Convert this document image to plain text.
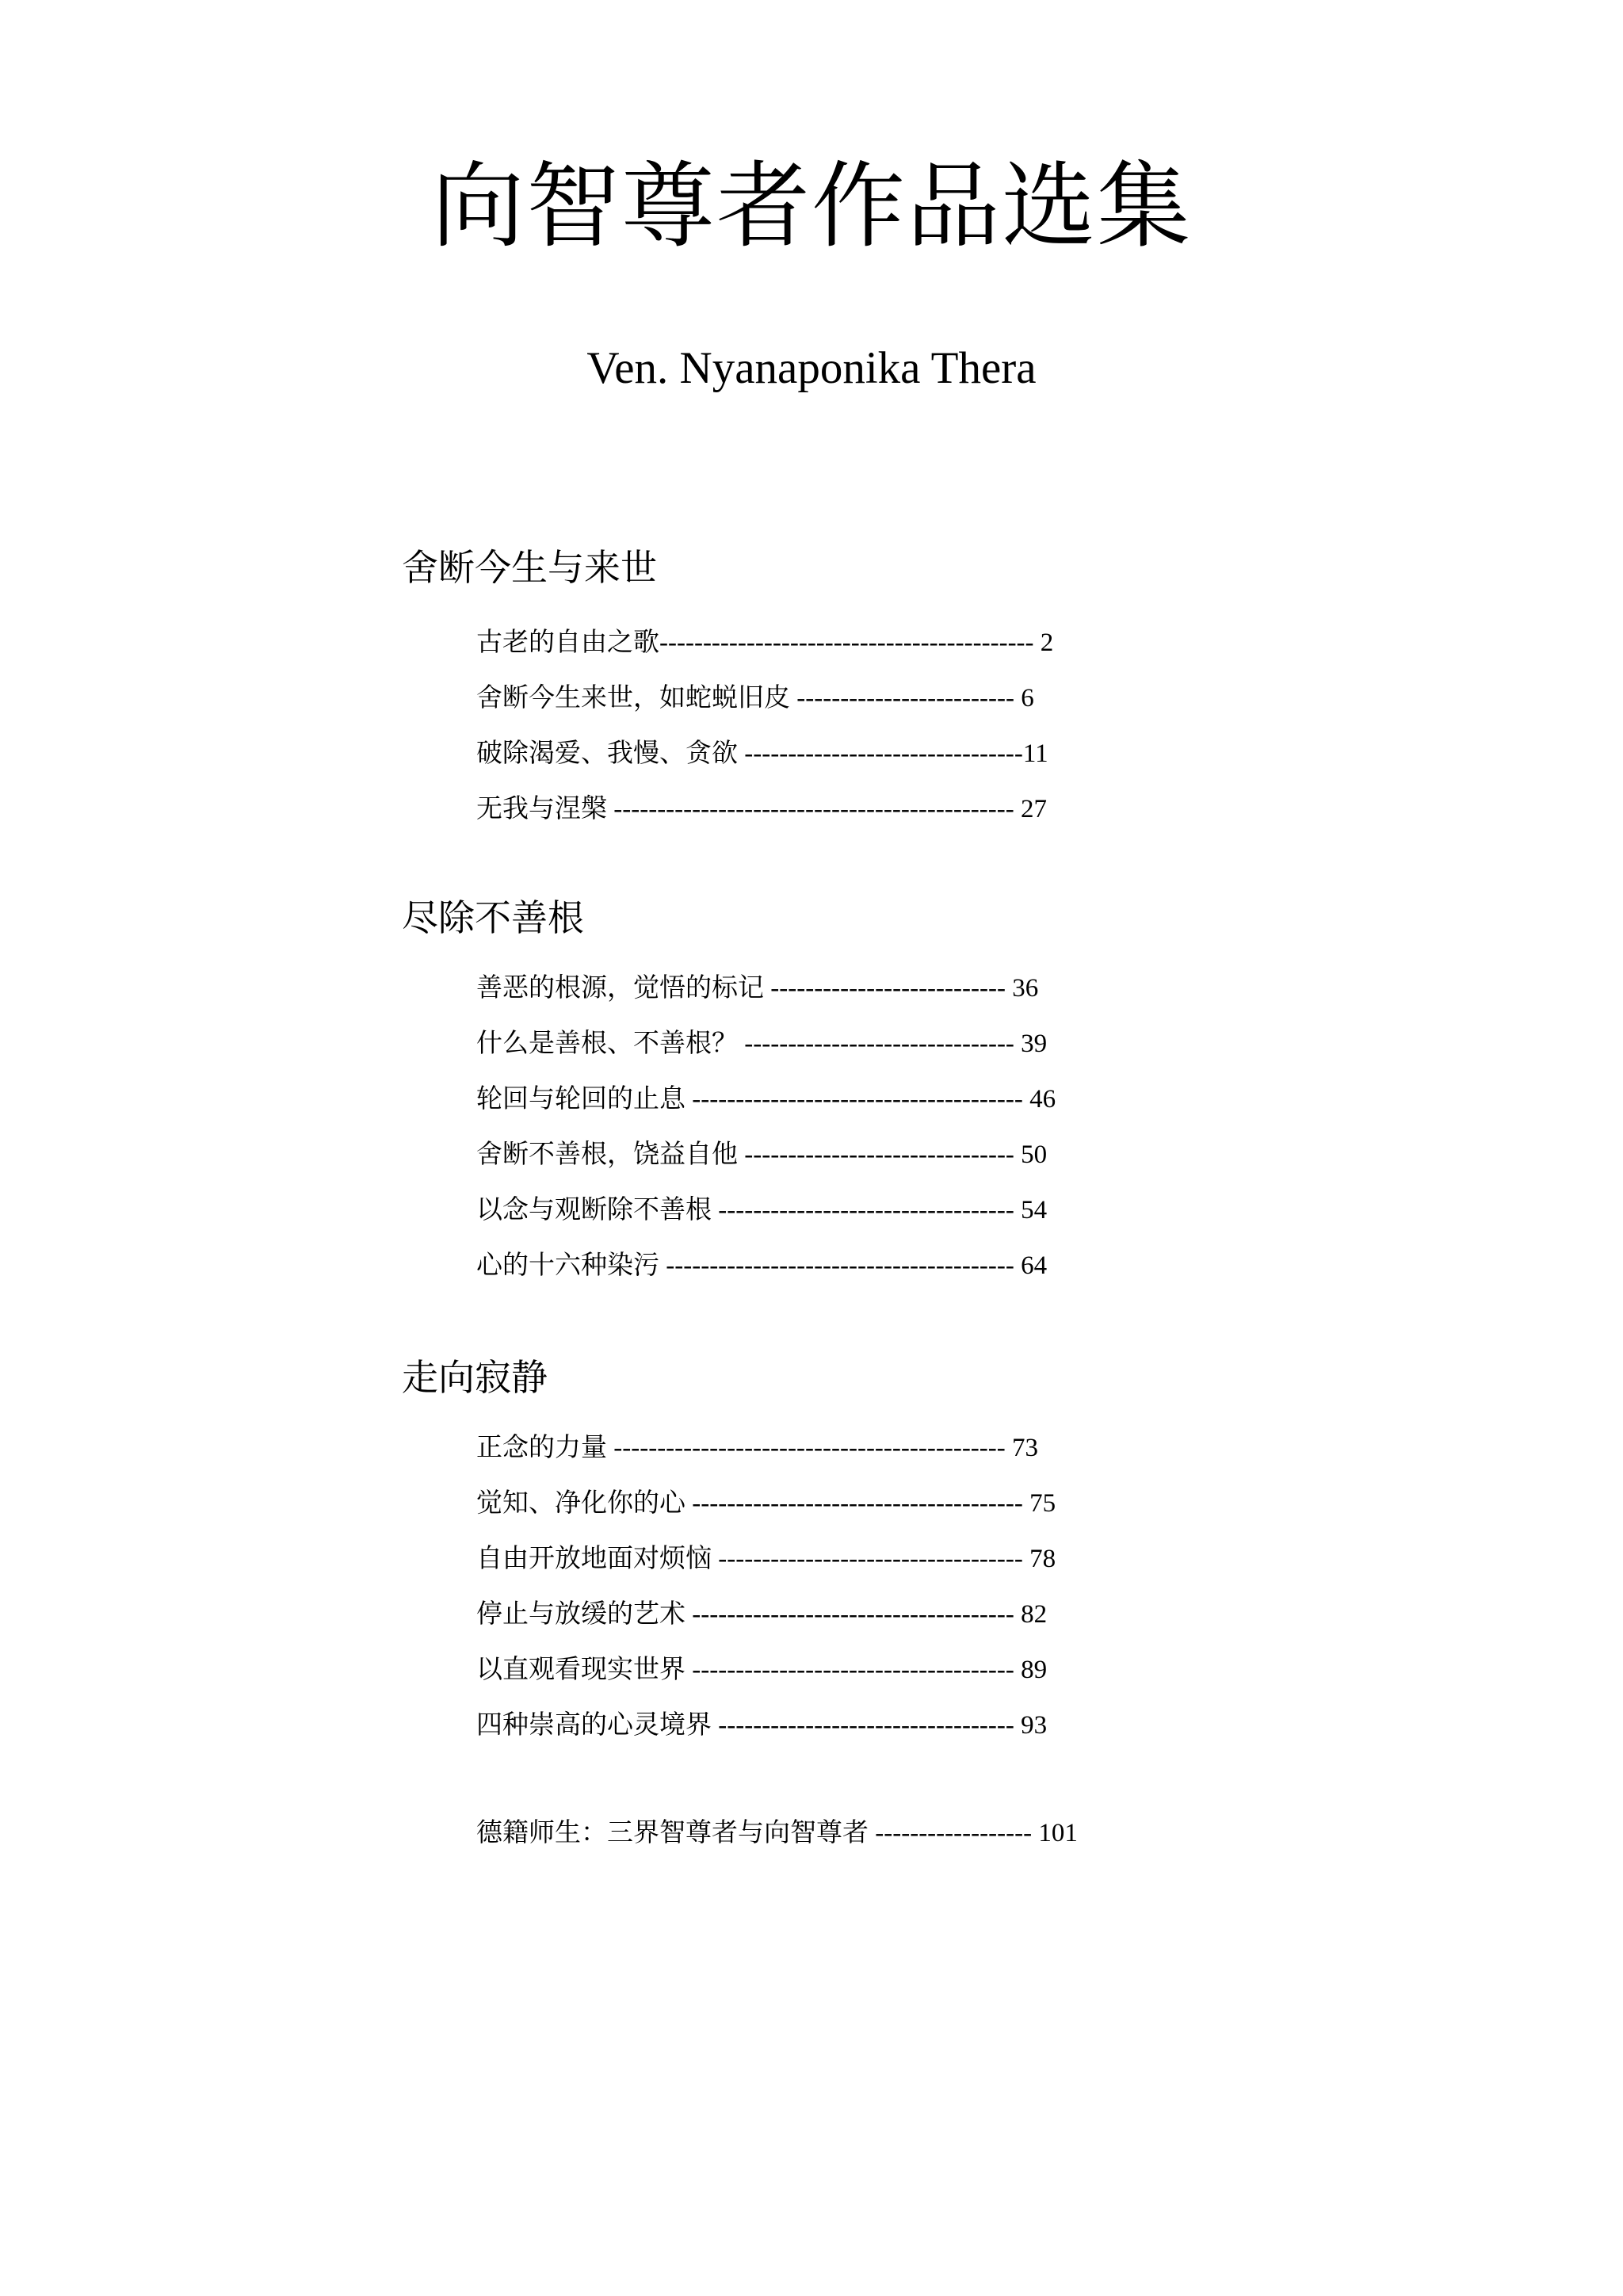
向智尊者作品选集

Ven. Nyanaponika Thera

舍断今生与来世
古老的自由之歌------------------------------------------- 2
舍断今生来世，如蛇蜕旧皮 ------------------------- 6
破除渴爱、我慢、贪欲 --------------------------------11
无我与涅槃 ---------------------------------------------- 27
尽除不善根
善恶的根源，觉悟的标记 --------------------------- 36
什么是善根、不善根？ ------------------------------- 39
轮回与轮回的止息 -------------------------------------- 46
舍断不善根，饶益自他 ------------------------------- 50
以念与观断除不善根 ---------------------------------- 54
心的十六种染污 ---------------------------------------- 64
走向寂静
正念的力量 --------------------------------------------- 73
觉知、净化你的心 -------------------------------------- 75
自由开放地面对烦恼 ----------------------------------- 78
停止与放缓的艺术 ------------------------------------- 82
以直观看现实世界 ------------------------------------- 89
四种崇高的心灵境界 ---------------------------------- 93
德籍师生：三界智尊者与向智尊者 ------------------ 101
